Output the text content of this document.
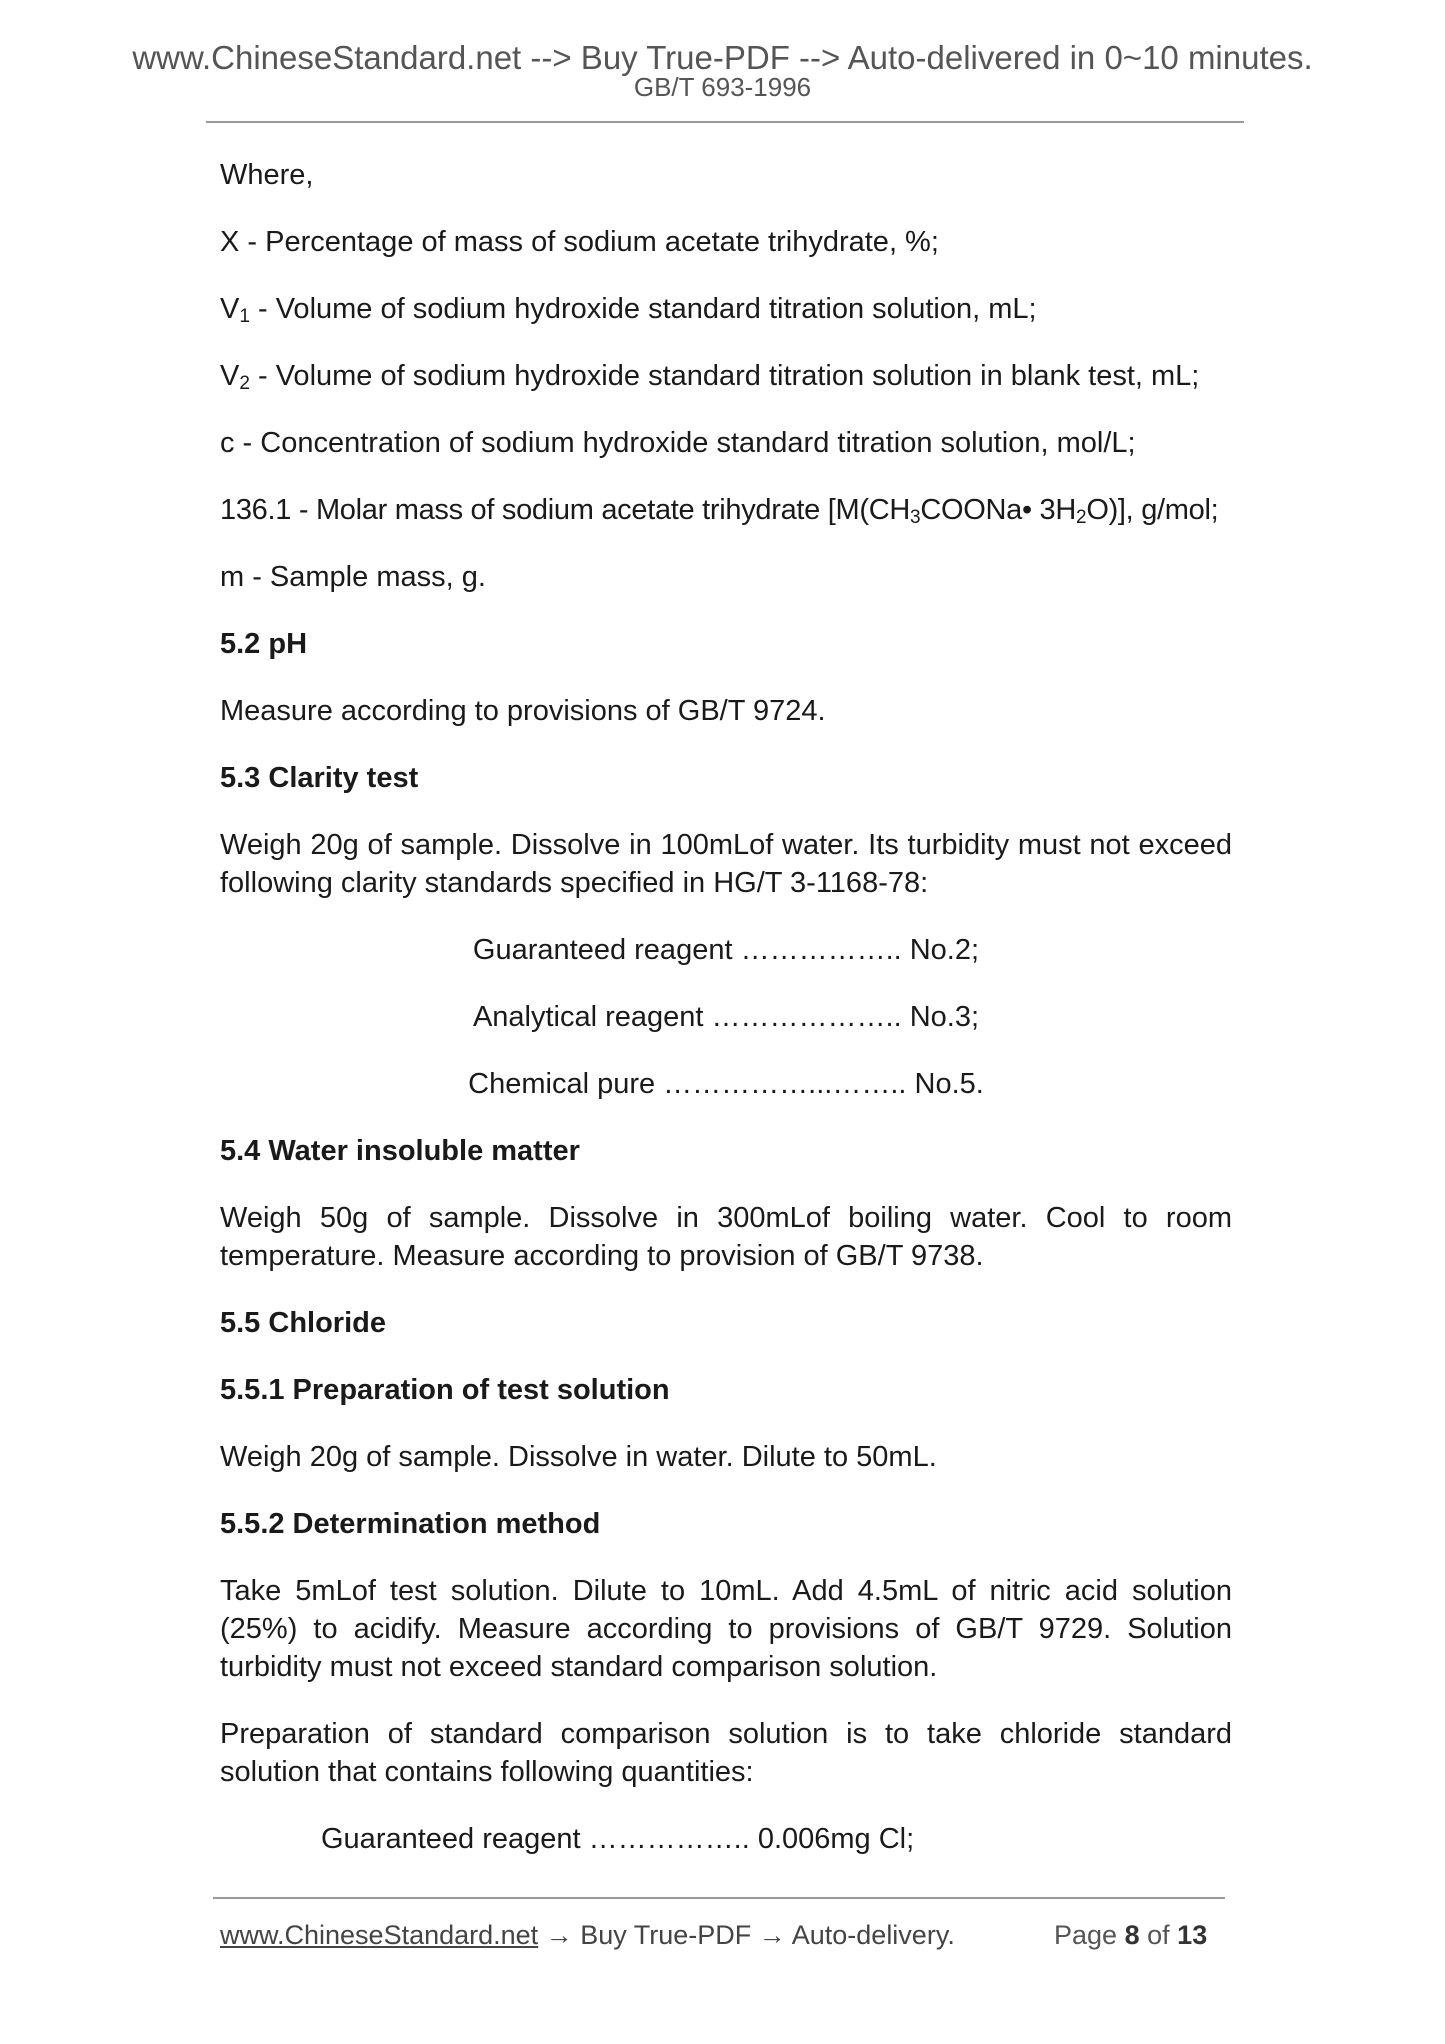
www.ChineseStandard.net --> Buy True-PDF --> Auto-delivered in 0~10 minutes.
GB/T 693-1996

Where,

X - Percentage of mass of sodium acetate trihydrate, %;

$V_1$ - Volume of sodium hydroxide standard titration solution, mL;

$V_2$ - Volume of sodium hydroxide standard titration solution in blank test, mL;

c - Concentration of sodium hydroxide standard titration solution, mol/L;

136.1 - Molar mass of sodium acetate trihydrate [$M(CH_3COONa•$ $3H_2O$)], g/mol;

m - Sample mass, g.

5.2 pH

Measure according to provisions of GB/T 9724.

5.3 Clarity test

Weigh 20g of sample. Dissolve in 100mLof water. Its turbidity must not exceed following clarity standards specified in HG/T 3-1168-78:

Guaranteed reagent …………….. No.2;

Analytical reagent ……………….. No.3;

Chemical pure ……………...…….. No.5.

5.4 Water insoluble matter

Weigh 50g of sample. Dissolve in 300mLof boiling water. Cool to room temperature. Measure according to provision of GB/T 9738.

5.5 Chloride

5.5.1 Preparation of test solution

Weigh 20g of sample. Dissolve in water. Dilute to 50mL.

5.5.2 Determination method

Take 5mLof test solution. Dilute to 10mL. Add 4.5mL of nitric acid solution (25%) to acidify. Measure according to provisions of GB/T 9729. Solution turbidity must not exceed standard comparison solution.

Preparation of standard comparison solution is to take chloride standard solution that contains following quantities:

Guaranteed reagent …………….. 0.006mg Cl;

www.ChineseStandard.net → Buy True-PDF → Auto-delivery.	Page 8 of 13
